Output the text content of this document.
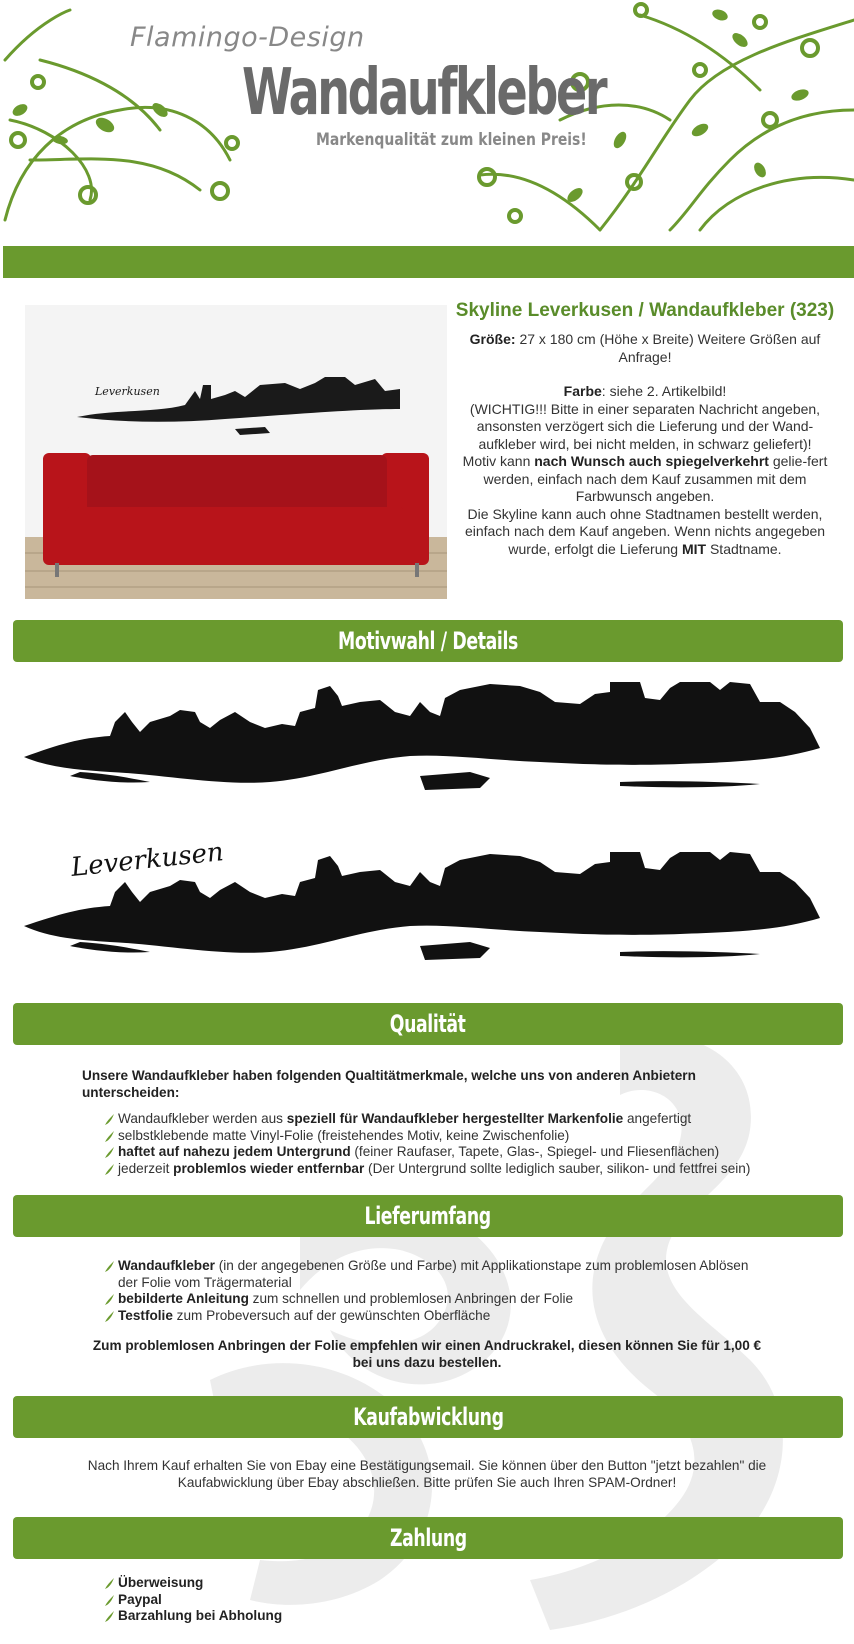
Flamingo-Design
Wandaufkleber
Markenqualität zum kleinen Preis!
Leverkusen
Skyline Leverkusen / Wandaufkleber (323)

Größe: 27 x 180 cm (Höhe x Breite) Weitere Größen auf Anfrage!

Farbe: siehe 2. Artikelbild!

(WICHTIG!!! Bitte in einer separaten Nachricht angeben, ansonsten verzögert sich die Lieferung und der Wand-aufkleber wird, bei nicht melden, in schwarz geliefert)!

Motiv kann nach Wunsch auch spiegelverkehrt gelie-fert werden, einfach nach dem Kauf zusammen mit dem Farbwunsch angeben.

Die Skyline kann auch ohne Stadtnamen bestellt werden, einfach nach dem Kauf angeben. Wenn nichts angegeben wurde, erfolgt die Lieferung MIT Stadtname.

Motivwahl / Details
Leverkusen
Qualität

Unsere Wandaufkleber haben folgenden Qualtitätmerkmale, welche uns von anderen Anbietern unterscheiden:

Wandaufkleber werden aus speziell für Wandaufkleber hergestellter Markenfolie angefertigt
selbstklebende matte Vinyl-Folie (freistehendes Motiv, keine Zwischenfolie)
haftet auf nahezu jedem Untergrund (feiner Raufaser, Tapete, Glas-, Spiegel- und Fliesenflächen)
jederzeit problemlos wieder entfernbar (Der Untergrund sollte lediglich sauber, silikon- und fettfrei sein)
Lieferumfang
Wandaufkleber (in der angegebenen Größe und Farbe) mit Applikationstape zum problemlosen Ablösen der Folie vom Trägermaterial
bebilderte Anleitung zum schnellen und problemlosen Anbringen der Folie
Testfolie zum Probeversuch auf der gewünschten Oberfläche
Zum problemlosen Anbringen der Folie empfehlen wir einen Andruckrakel, diesen können Sie für 1,00 € bei uns dazu bestellen.
Kaufabwicklung
Nach Ihrem Kauf erhalten Sie von Ebay eine Bestätigungsemail. Sie können über den Button "jetzt bezahlen" die Kaufabwicklung über Ebay abschließen. Bitte prüfen Sie auch Ihren SPAM-Ordner!
Zahlung
Überweisung
Paypal
Barzahlung bei Abholung
